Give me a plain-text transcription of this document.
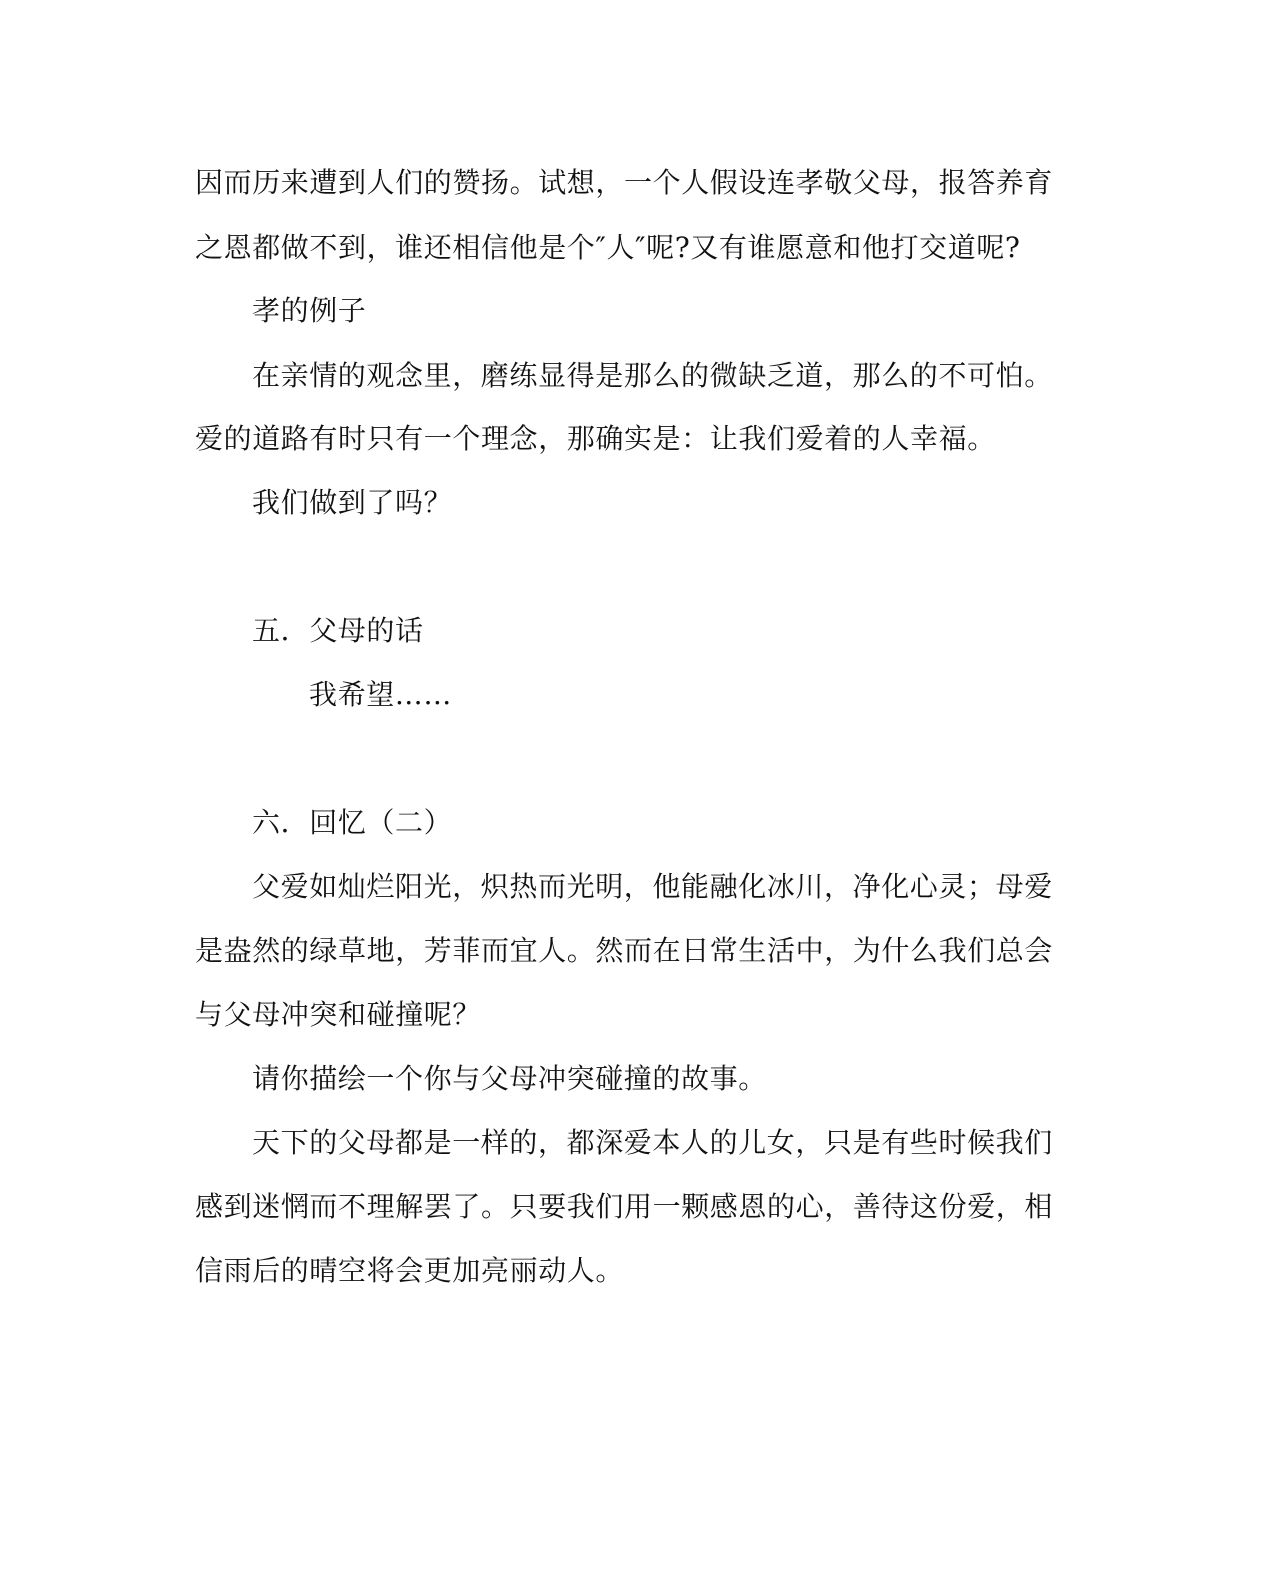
因而历来遭到人们的赞扬。试想，一个人假设连孝敬父母，报答养育
之恩都做不到，谁还相信他是个″人″呢?又有谁愿意和他打交道呢?
孝的例子
在亲情的观念里，磨练显得是那么的微缺乏道，那么的不可怕。
爱的道路有时只有一个理念，那确实是：让我们爱着的人幸福。
我们做到了吗？
五．父母的话
我希望……
六．回忆（二）
父爱如灿烂阳光，炽热而光明，他能融化冰川，净化心灵；母爱
是盎然的绿草地，芳菲而宜人。然而在日常生活中，为什么我们总会
与父母冲突和碰撞呢？
请你描绘一个你与父母冲突碰撞的故事。
天下的父母都是一样的，都深爱本人的儿女，只是有些时候我们
感到迷惘而不理解罢了。只要我们用一颗感恩的心，善待这份爱，相
信雨后的晴空将会更加亮丽动人。
